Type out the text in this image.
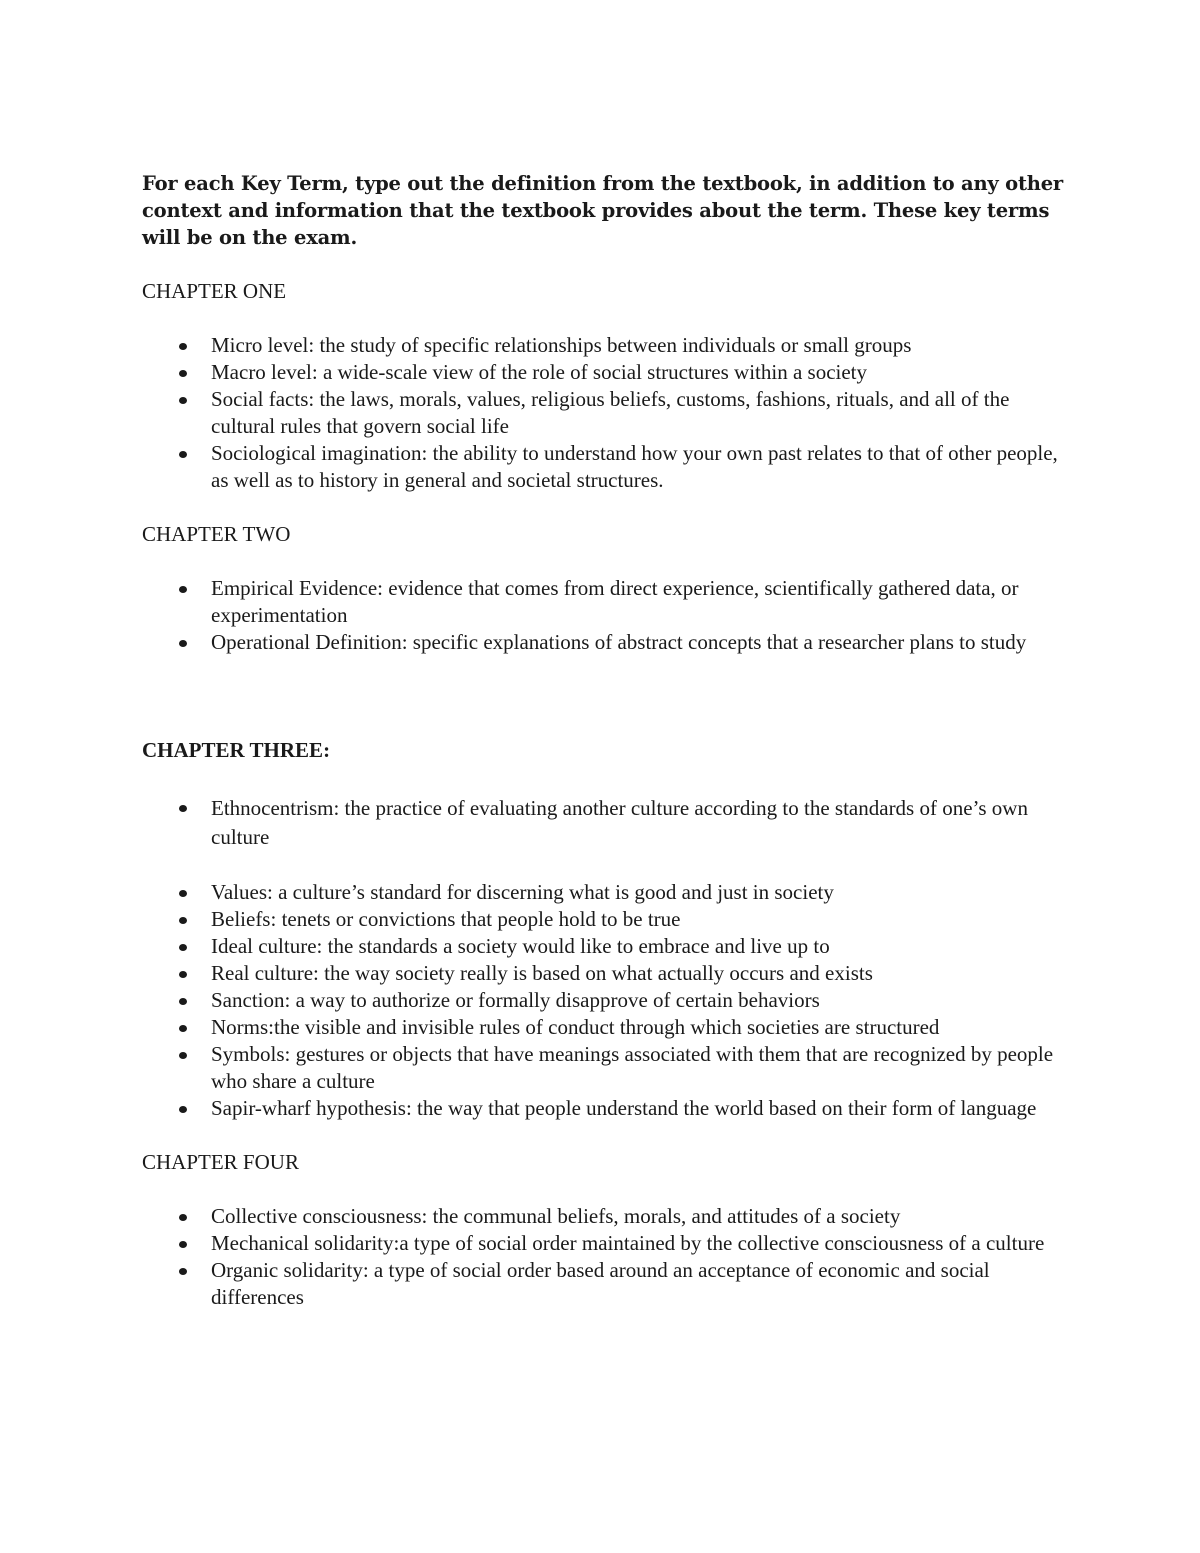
For each Key Term, type out the definition from the textbook, in addition to any other context and information that the textbook provides about the term. These key terms will be on the exam.

CHAPTER ONE
Micro level: the study of specific relationships between individuals or small groups
Macro level: a wide-scale view of the role of social structures within a society
Social facts: the laws, morals, values, religious beliefs, customs, fashions, rituals, and all of the cultural rules that govern social life
Sociological imagination: the ability to understand how your own past relates to that of other people, as well as to history in general and societal structures.
CHAPTER TWO
Empirical Evidence: evidence that comes from direct experience, scientifically gathered data, or experimentation
Operational Definition: specific explanations of abstract concepts that a researcher plans to study
CHAPTER THREE:
Ethnocentrism: the practice of evaluating another culture according to the standards of one’s own culture
Values: a culture’s standard for discerning what is good and just in society
Beliefs: tenets or convictions that people hold to be true
Ideal culture: the standards a society would like to embrace and live up to
Real culture: the way society really is based on what actually occurs and exists
Sanction: a way to authorize or formally disapprove of certain behaviors
Norms:the visible and invisible rules of conduct through which societies are structured
Symbols: gestures or objects that have meanings associated with them that are recognized by people who share a culture
Sapir-wharf hypothesis: the way that people understand the world based on their form of language
CHAPTER FOUR
Collective consciousness: the communal beliefs, morals, and attitudes of a society
Mechanical solidarity:a type of social order maintained by the collective consciousness of a culture
Organic solidarity: a type of social order based around an acceptance of economic and social differences
